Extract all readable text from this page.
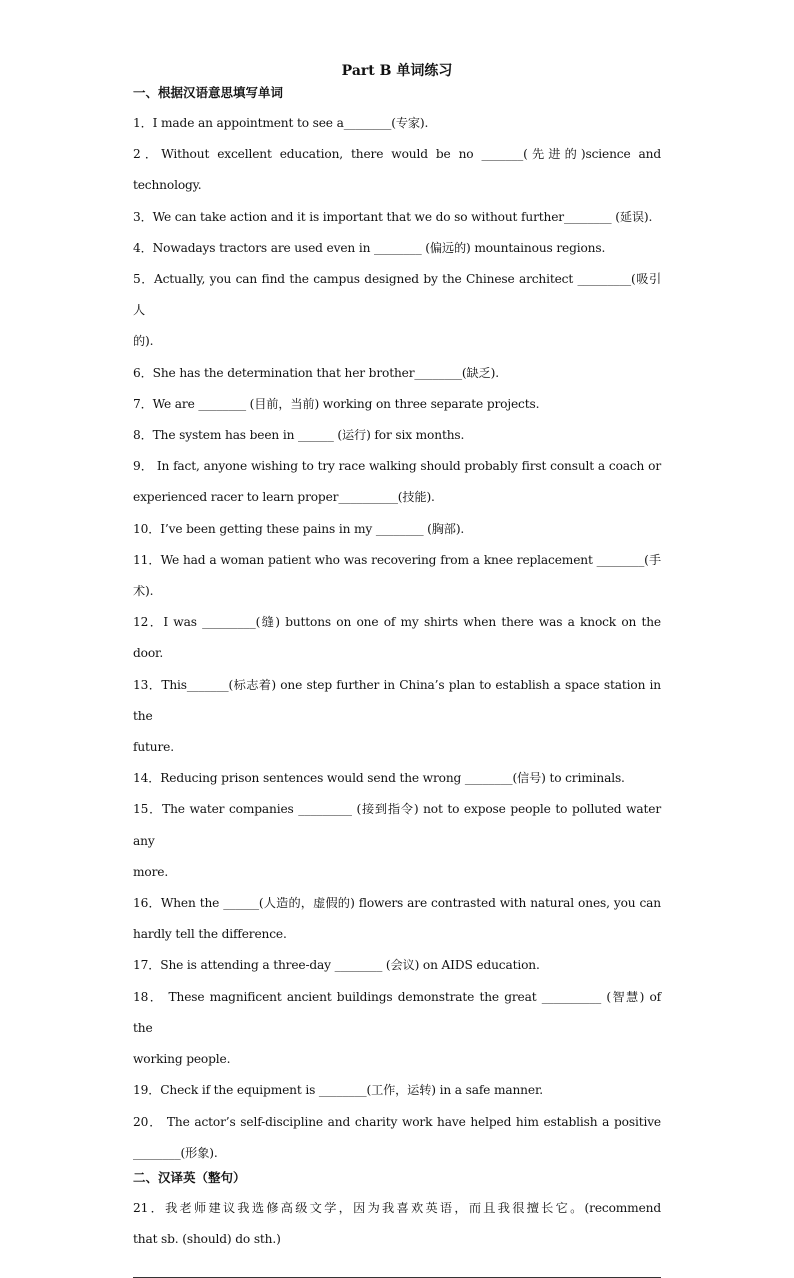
Part B 单词练习
一、根据汉语意思填写单词
1．I made an appointment to see a________(专家).
2．Without excellent education, there would be no _______(先进的)science and technology.
3．We can take action and it is important that we do so without further________ (延误).
4．Nowadays tractors are used even in ________ (偏远的) mountainous regions.
5．Actually, you can find the campus designed by the Chinese architect _________(吸引人
的).
6．She has the determination that her brother________(缺乏).
7．We are ________ (目前，当前) working on three separate projects.
8．The system has been in ______ (运行) for six months.
9． In fact, anyone wishing to try race walking should probably first consult a coach or
experienced racer to learn proper__________(技能).
10．I’ve been getting these pains in my ________ (胸部).
11．We had a woman patient who was recovering from a knee replacement ________(手术).
12．I was _________(缝) buttons on one of my shirts when there was a knock on the door.
13．This_______(标志着) one step further in China’s plan to establish a space station in the
future.
14．Reducing prison sentences would send the wrong ________(信号) to criminals.
15．The water companies _________ (接到指令) not to expose people to polluted water any
more.
16．When the ______(人造的，虚假的) flowers are contrasted with natural ones, you can
hardly tell the difference.
17．She is attending a three-day ________ (会议) on AIDS education.
18． These magnificent ancient buildings demonstrate the great __________ (智慧) of the
working people.
19．Check if the equipment is ________(工作，运转) in a safe manner.
20． The actor’s self-discipline and charity work have helped him establish a positive
________(形象).
二、汉译英（整句）
21．我老师建议我选修高级文学，因为我喜欢英语，而且我很擅长它。(recommend
that sb. (should) do sth.)
